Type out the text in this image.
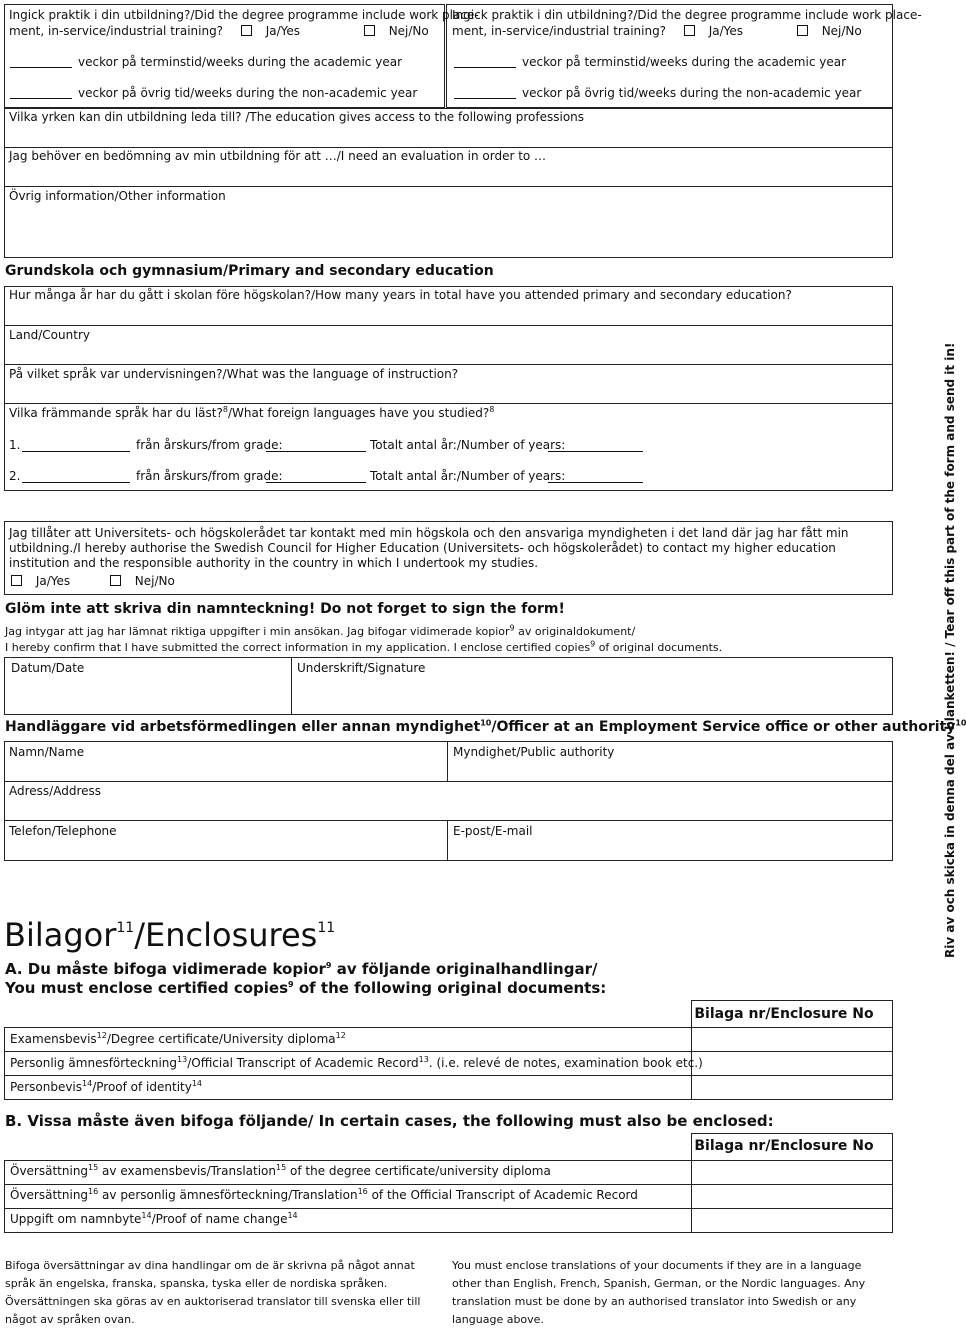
Ingick praktik i din utbildning?/Did the degree programme include work place-
ment, in-service/industrial training?	Ja/Yes	Nej/No
veckor på terminstid/weeks during the academic year
veckor på övrig tid/weeks during the non-academic year
Ingick praktik i din utbildning?/Did the degree programme include work place-
ment, in-service/industrial training?	Ja/Yes	Nej/No
veckor på terminstid/weeks during the academic year
veckor på övrig tid/weeks during the non-academic year
Vilka yrken kan din utbildning leda till? /The education gives access to the following professions
Jag behöver en bedömning av min utbildning för att …/I need an evaluation in order to …
Övrig information/Other information
Grundskola och gymnasium/Primary and secondary education
Hur många år har du gått i skolan före högskolan?/How many years in total have you attended primary and secondary education?
Land/Country
På vilket språk var undervisningen?/What was the language of instruction?
Vilka främmande språk har du läst?$^8$/What foreign languages have you studied?$^8$
1.	från årskurs/from grade:	Totalt antal år:/Number of years:
2.	från årskurs/from grade:	Totalt antal år:/Number of years:
Jag tillåter att Universitets- och högskolerådet tar kontakt med min högskola och den ansvariga myndigheten i det land där jag har fått min utbildning./I hereby authorise the Swedish Council for Higher Education (Universitets- och högskolerådet) to contact my higher education institution and the responsible authority in the country in which I undertook my studies.
Ja/Yes	Nej/No
Glöm inte att skriva din namnteckning! Do not forget to sign the form!
Jag intygar att jag har lämnat riktiga uppgifter i min ansökan. Jag bifogar vidimerade kopior$^9$ av originaldokument/
I hereby confirm that I have submitted the correct information in my application. I enclose certified copies$^9$ of original documents.
Datum/Date	Underskrift/Signature
Handläggare vid arbetsförmedlingen eller annan myndighet$^{10}$/Officer at an Employment Service office or other authority$^{10}$
Namn/Name	Myndighet/Public authority
Adress/Address
Telefon/Telephone	E-post/E-mail
Bilagor$^{11}$/Enclosures$^{11}$
A. Du måste bifoga vidimerade kopior$^9$ av följande originalhandlingar/
You must enclose certified copies$^9$ of the following original documents:
Bilaga nr/Enclosure No
Examensbevis$^{12}$/Degree certificate/University diploma$^{12}$
Personlig ämnesförteckning$^{13}$/Official Transcript of Academic Record$^{13}$. (i.e. relevé de notes, examination book etc.)
Personbevis$^{14}$/Proof of identity$^{14}$
B. Vissa måste även bifoga följande/ In certain cases, the following must also be enclosed:
Bilaga nr/Enclosure No
Översättning$^{15}$ av examensbevis/Translation$^{15}$ of the degree certificate/university diploma
Översättning$^{16}$ av personlig ämnesförteckning/Translation$^{16}$ of the Official Transcript of Academic Record
Uppgift om namnbyte$^{14}$/Proof of name change$^{14}$
Bifoga översättningar av dina handlingar om de är skrivna på något annat språk än engelska, franska, spanska, tyska eller de nordiska språken. Översättningen ska göras av en auktoriserad translator till svenska eller till något av språken ovan.
You must enclose translations of your documents if they are in a language other than English, French, Spanish, German, or the Nordic languages. Any translation must be done by an authorised translator into Swedish or any language above.
Riv av och skicka in denna del av blanketten! / Tear off this part of the form and send it in!
